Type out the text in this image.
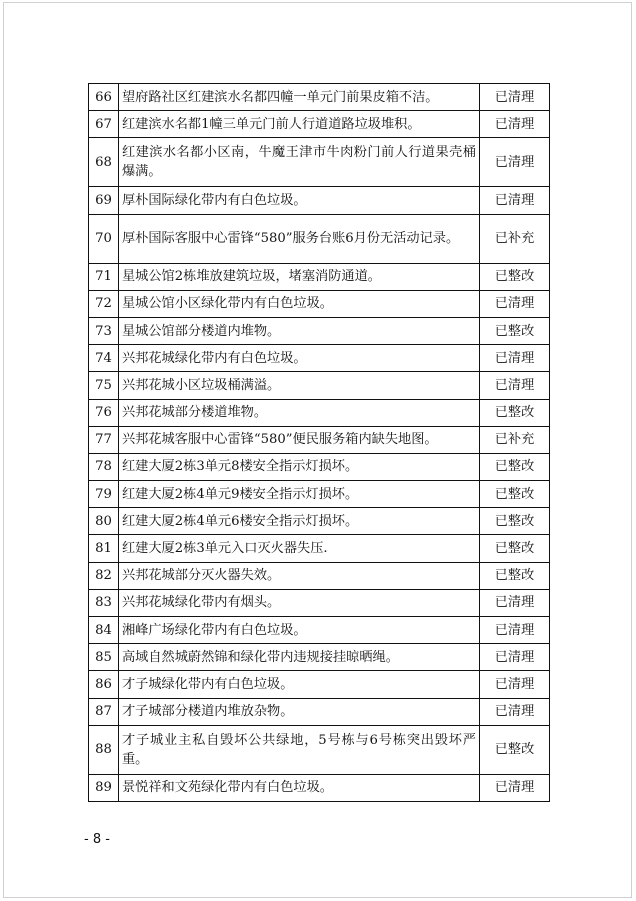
66	望府路社区红建滨水名都四幢一单元门前果皮箱不洁。	已清理
67	红建滨水名都1幢三单元门前人行道道路垃圾堆积。	已清理
68	红建滨水名都小区南，牛魔王津市牛肉粉门前人行道果壳桶爆满。	已清理
69	厚朴国际绿化带内有白色垃圾。	已清理
70	厚朴国际客服中心雷锋“580”服务台账6月份无活动记录。	已补充
71	星城公馆2栋堆放建筑垃圾，堵塞消防通道。	已整改
72	星城公馆小区绿化带内有白色垃圾。	已清理
73	星城公馆部分楼道内堆物。	已整改
74	兴邦花城绿化带内有白色垃圾。	已清理
75	兴邦花城小区垃圾桶满溢。	已清理
76	兴邦花城部分楼道堆物。	已整改
77	兴邦花城客服中心雷锋“580”便民服务箱内缺失地图。	已补充
78	红建大厦2栋3单元8楼安全指示灯损坏。	已整改
79	红建大厦2栋4单元9楼安全指示灯损坏。	已整改
80	红建大厦2栋4单元6楼安全指示灯损坏。	已整改
81	红建大厦2栋3单元入口灭火器失压.	已整改
82	兴邦花城部分灭火器失效。	已整改
83	兴邦花城绿化带内有烟头。	已清理
84	湘峰广场绿化带内有白色垃圾。	已清理
85	高域自然城蔚然锦和绿化带内违规接挂晾晒绳。	已清理
86	才子城绿化带内有白色垃圾。	已清理
87	才子城部分楼道内堆放杂物。	已清理
88	才子城业主私自毁坏公共绿地，5号栋与6号栋突出毁坏严重。	已整改
89	景悦祥和文苑绿化带内有白色垃圾。	已清理
- 8 -
